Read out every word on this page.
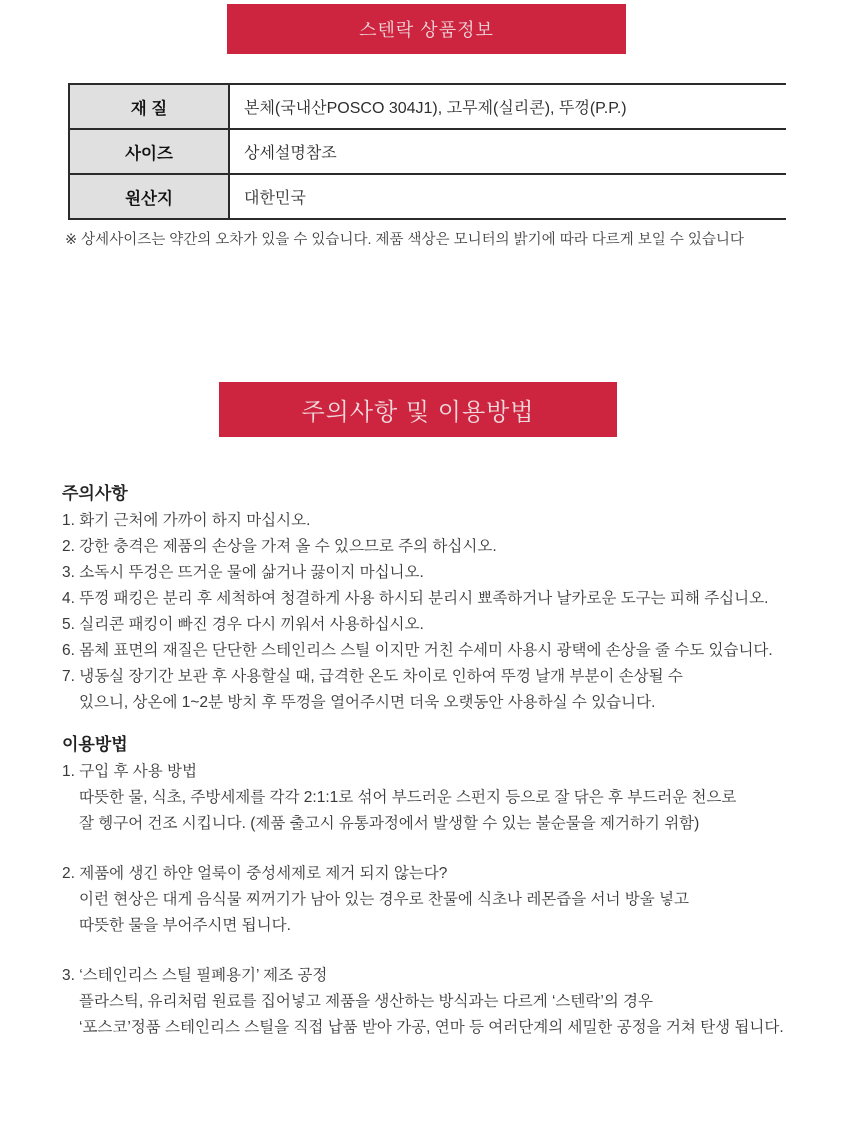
스텐락 상품정보
재 질	본체(국내산POSCO 304J1), 고무제(실리콘), 뚜껑(P.P.)
사이즈	상세설명참조
원산지	대한민국
※ 상세사이즈는 약간의 오차가 있을 수 있습니다. 제품 색상은 모니터의 밝기에 따라 다르게 보일 수 있습니다
주의사항 및 이용방법
주의사항
1. 화기 근처에 가까이 하지 마십시오.
2. 강한 충격은 제품의 손상을 가져 올 수 있으므로 주의 하십시오.
3. 소독시 뚜겅은 뜨거운 물에 삶거나 끓이지 마십니오.
4. 뚜껑 패킹은 분리 후 세척하여 청결하게 사용 하시되 분리시 뾰족하거나 날카로운 도구는 피해 주십니오.
5. 실리콘 패킹이 빠진 경우 다시 끼워서 사용하십시오.
6. 몸체 표면의 재질은 단단한 스테인리스 스틸 이지만 거친 수세미 사용시 광택에 손상을 줄 수도 있습니다.
7. 냉동실 장기간 보관 후 사용할실 때, 급격한 온도 차이로 인하여 뚜껑 날개 부분이 손상될 수
있으니, 상온에 1~2분 방치 후 뚜껑을 열어주시면 더욱 오랫동안 사용하실 수 있습니다.
이용방법
1. 구입 후 사용 방법
따뜻한 물, 식초, 주방세제를 각각 2:1:1로 섞어 부드러운 스펀지 등으로 잘 닦은 후 부드러운 천으로
잘 헹구어 건조 시킵니다. (제품 출고시 유통과정에서 발생할 수 있는 불순물을 제거하기 위함)
2. 제품에 생긴 하얀 얼룩이 중성세제로 제거 되지 않는다?
이런 현상은 대게 음식물 찌꺼기가 남아 있는 경우로 찬물에 식초나 레몬즙을 서너 방울 넣고
따뜻한 물을 부어주시면 됩니다.
3. ‘스테인리스 스틸 필폐용기’ 제조 공정
플라스틱, 유리처럼 원료를 집어넣고 제품을 생산하는 방식과는 다르게 ‘스텐락’의 경우
‘포스코’정품 스테인리스 스틸을 직접 납품 받아 가공, 연마 등 여러단계의 세밀한 공정을 거쳐 탄생 됩니다.
